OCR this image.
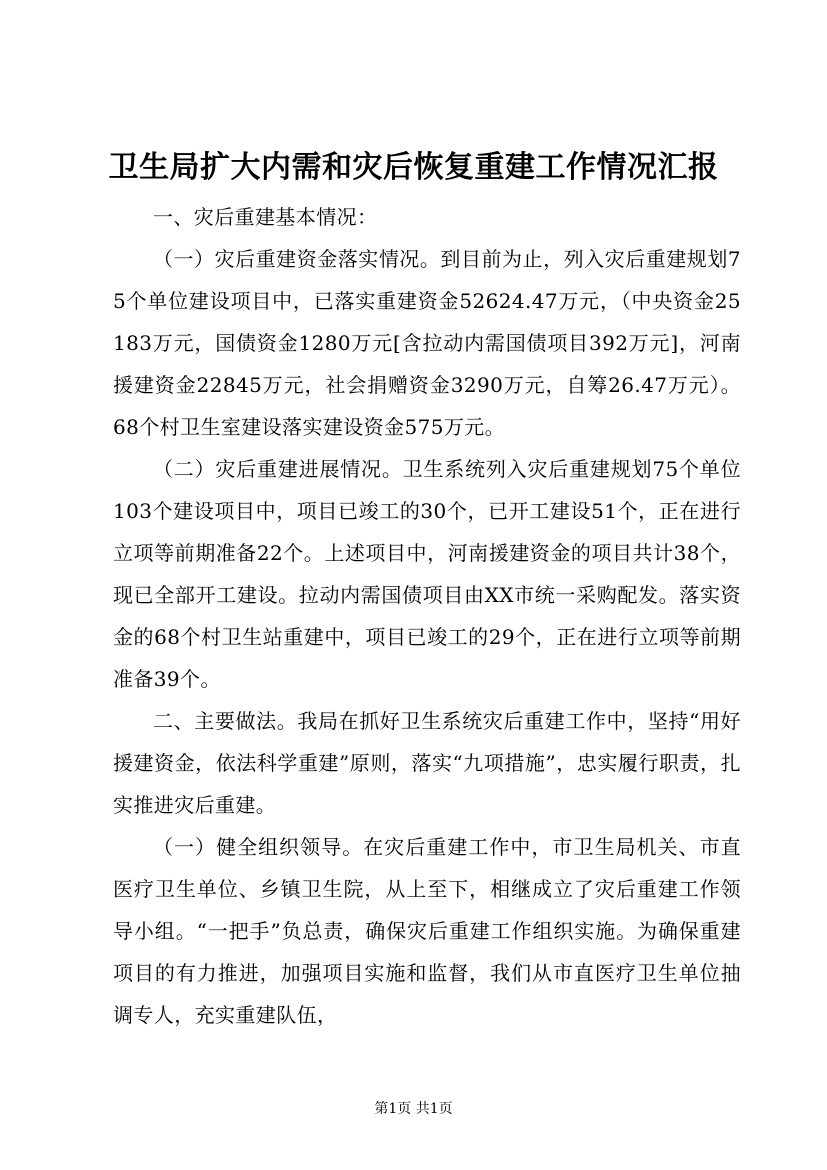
卫生局扩大内需和灾后恢复重建工作情况汇报

一、灾后重建基本情况：

（一）灾后重建资金落实情况。到目前为止，列入灾后重建规划75个单位建设项目中，已落实重建资金52624.47万元，（中央资金25183万元，国债资金1280万元[含拉动内需国债项目392万元]，河南援建资金22845万元，社会捐赠资金3290万元，自筹26.47万元）。68个村卫生室建设落实建设资金575万元。

（二）灾后重建进展情况。卫生系统列入灾后重建规划75个单位103个建设项目中，项目已竣工的30个，已开工建设51个，正在进行立项等前期准备22个。上述项目中，河南援建资金的项目共计38个，现已全部开工建设。拉动内需国债项目由XX市统一采购配发。落实资金的68个村卫生站重建中，项目已竣工的29个，正在进行立项等前期准备39个。

二、主要做法。我局在抓好卫生系统灾后重建工作中，坚持“用好援建资金，依法科学重建”原则，落实“九项措施”，忠实履行职责，扎实推进灾后重建。

（一）健全组织领导。在灾后重建工作中，市卫生局机关、市直医疗卫生单位、乡镇卫生院，从上至下，相继成立了灾后重建工作领导小组。“一把手”负总责，确保灾后重建工作组织实施。为确保重建项目的有力推进，加强项目实施和监督，我们从市直医疗卫生单位抽调专人，充实重建队伍，

第1页 共1页
